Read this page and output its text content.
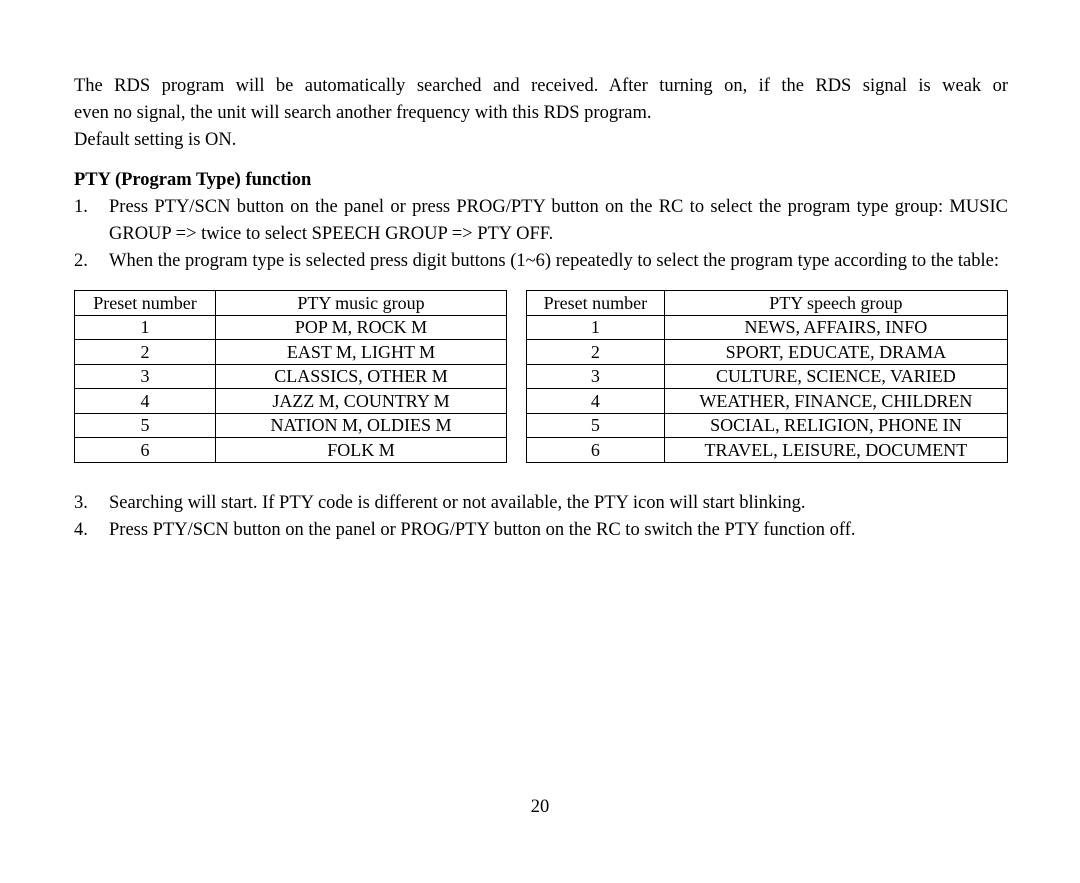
The RDS program will be automatically searched and received. After turning on, if the RDS signal is weak or

even no signal, the unit will search another frequency with this RDS program.

Default setting is ON.

PTY (Program Type) function

1. Press PTY/SCN button on the panel or press PROG/PTY button on the RC to select the program type group: MUSIC GROUP => twice to select SPEECH GROUP => PTY OFF.
2. When the program type is selected press digit buttons (1~6) repeatedly to select the program type according to the table:
Preset number	PTY music group
1	POP M, ROCK M
2	EAST M, LIGHT M
3	CLASSICS, OTHER M
4	JAZZ M, COUNTRY M
5	NATION M, OLDIES M
6	FOLK M
Preset number	PTY speech group
1	NEWS, AFFAIRS, INFO
2	SPORT, EDUCATE, DRAMA
3	CULTURE, SCIENCE, VARIED
4	WEATHER, FINANCE, CHILDREN
5	SOCIAL, RELIGION, PHONE IN
6	TRAVEL, LEISURE, DOCUMENT
3. Searching will start. If PTY code is different or not available, the PTY icon will start blinking.
4. Press PTY/SCN button on the panel or PROG/PTY button on the RC to switch the PTY function off.
20
